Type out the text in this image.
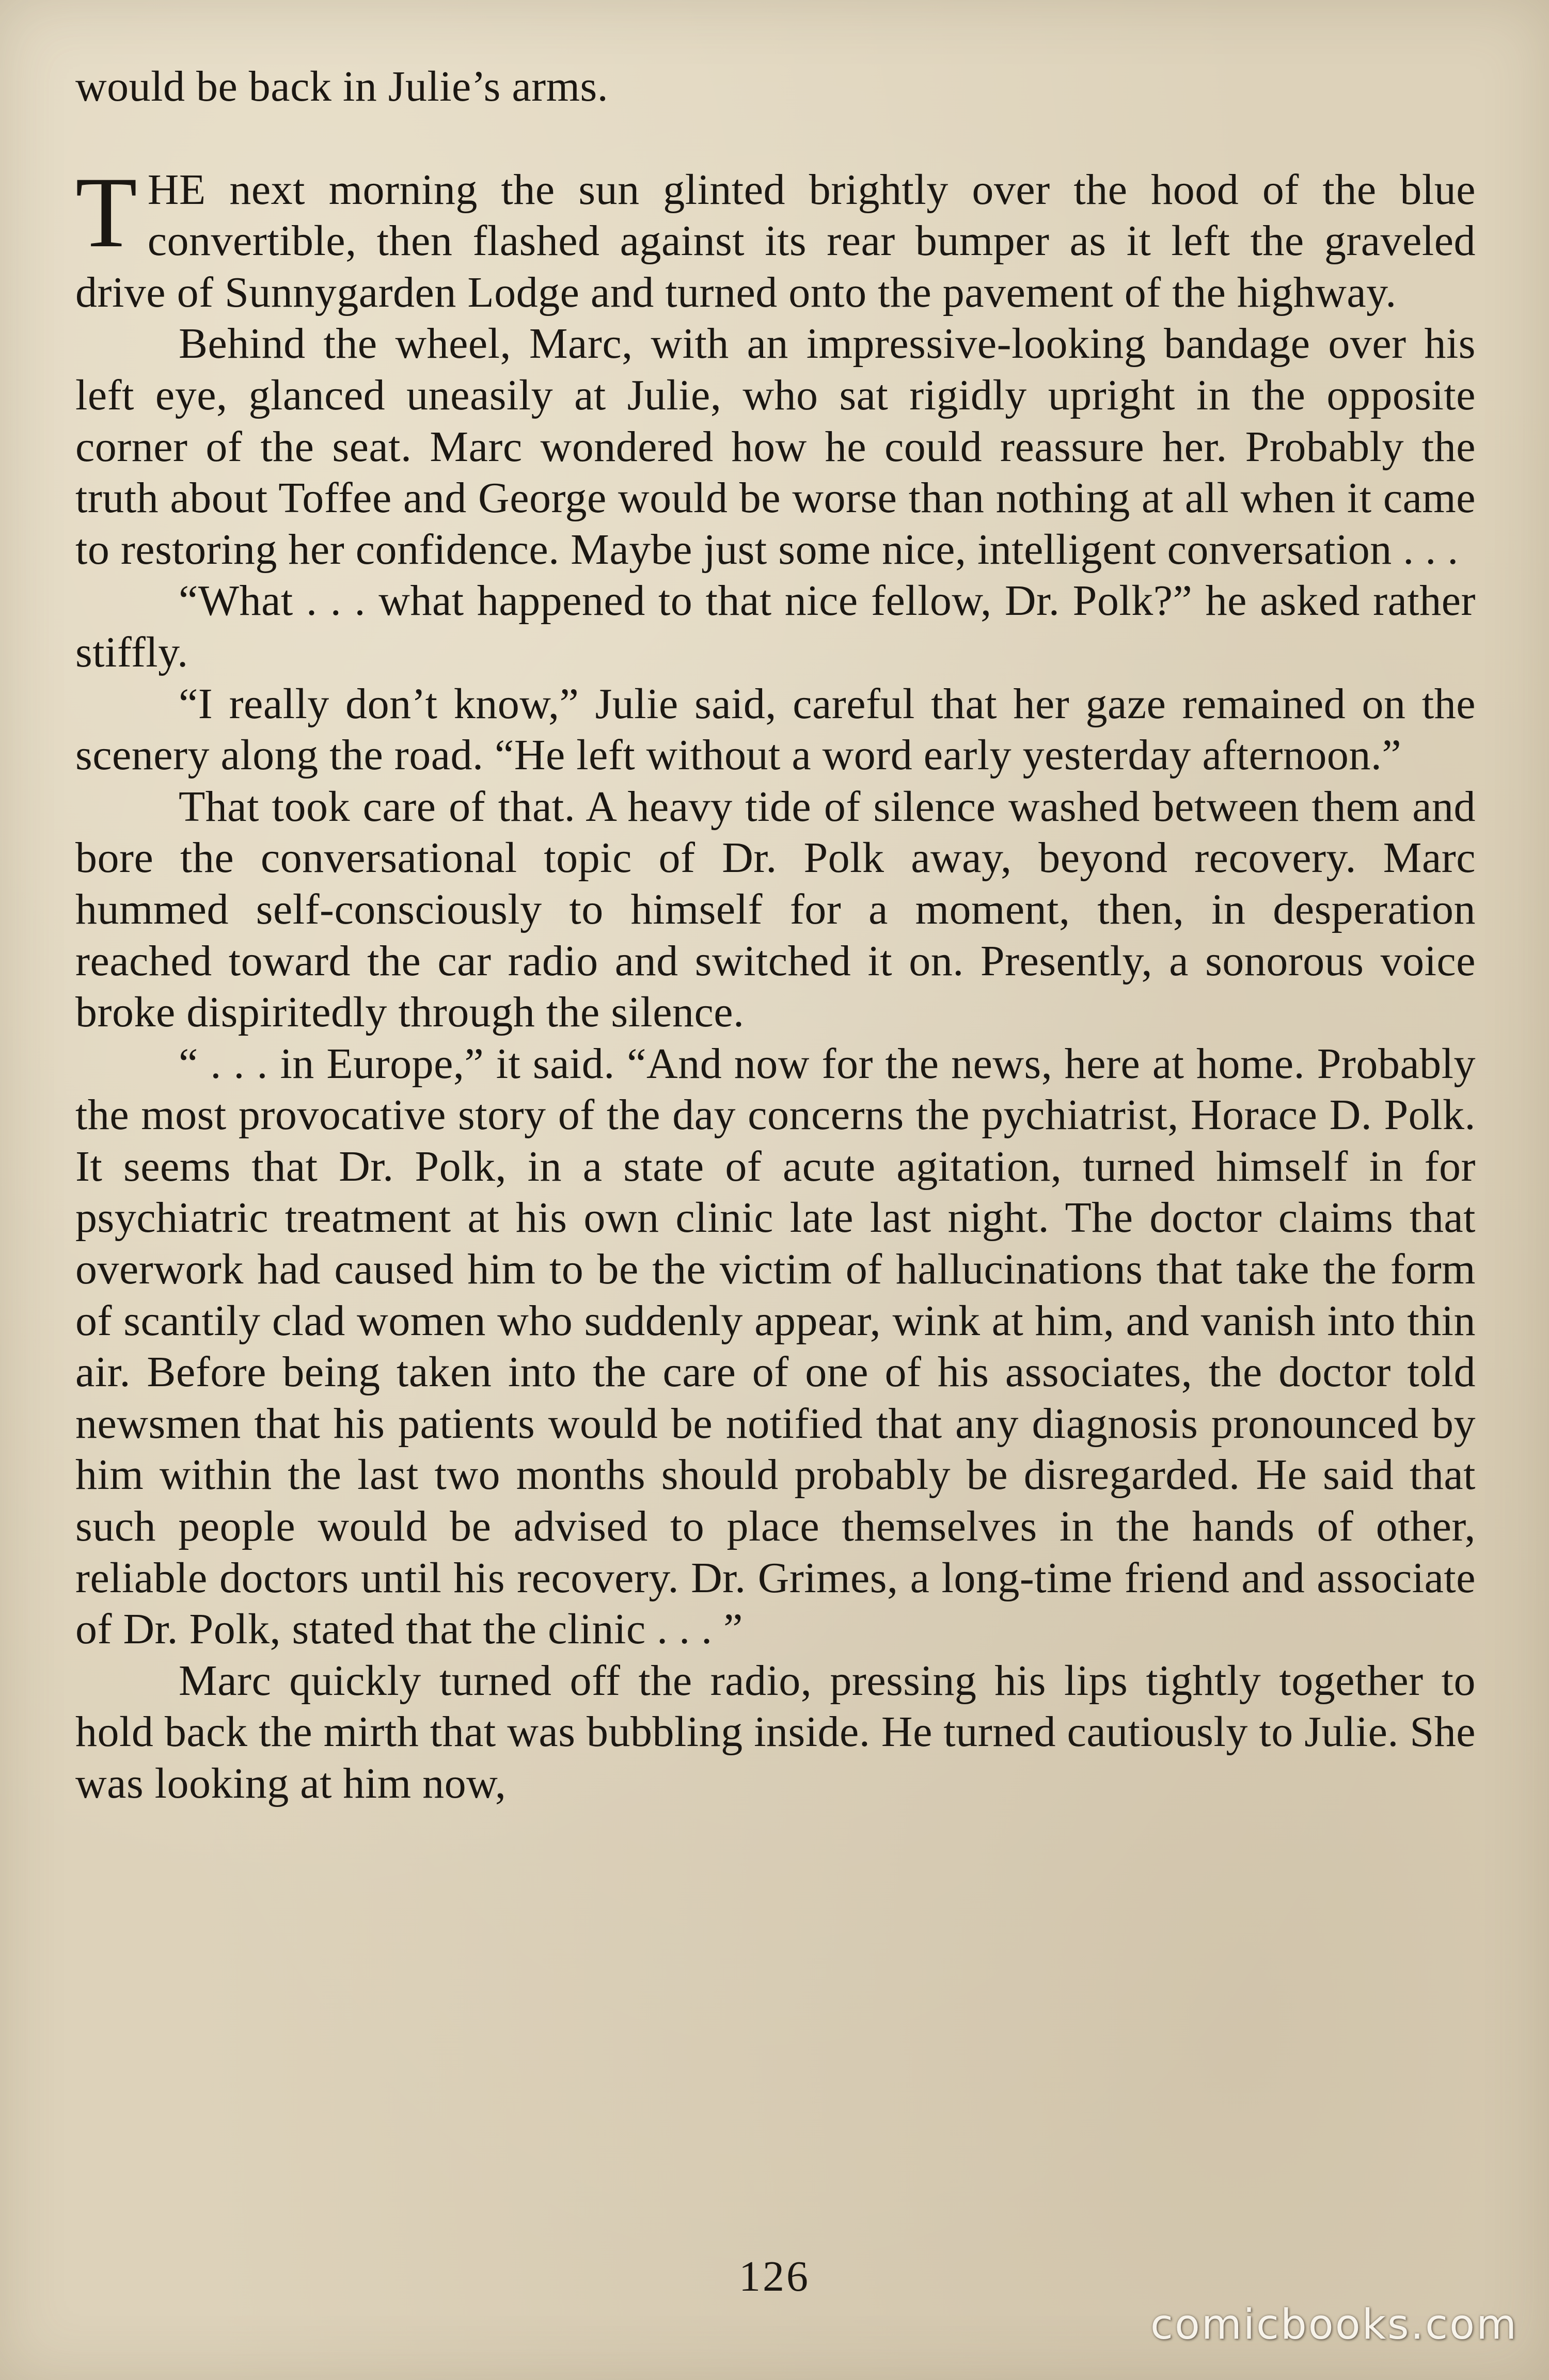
would be back in Julie’s arms.

THE next morning the sun glinted brightly over the hood of the blue convertible, then flashed against its rear bumper as it left the graveled drive of Sunnygarden Lodge and turned onto the pavement of the highway.

Behind the wheel, Marc, with an impressive-looking bandage over his left eye, glanced uneasily at Julie, who sat rigidly upright in the opposite corner of the seat. Marc wondered how he could reassure her. Probably the truth about Toffee and George would be worse than nothing at all when it came to restoring her confidence. Maybe just some nice, intelligent conversation . . .

“What . . . what happened to that nice fellow, Dr. Polk?” he asked rather stiffly.

“I really don’t know,” Julie said, careful that her gaze remained on the scenery along the road. “He left without a word early yesterday afternoon.”

That took care of that. A heavy tide of silence washed between them and bore the conversational topic of Dr. Polk away, beyond recovery. Marc hummed self-consciously to himself for a moment, then, in desperation reached toward the car radio and switched it on. Presently, a sonorous voice broke dispiritedly through the silence.

“ . . . in Europe,” it said. “And now for the news, here at home. Probably the most provocative story of the day concerns the pychiatrist, Horace D. Polk. It seems that Dr. Polk, in a state of acute agitation, turned himself in for psychiatric treatment at his own clinic late last night. The doctor claims that overwork had caused him to be the victim of hallucinations that take the form of scantily clad women who suddenly appear, wink at him, and vanish into thin air. Before being taken into the care of one of his associates, the doctor told newsmen that his patients would be notified that any diagnosis pronounced by him within the last two months should probably be disregarded. He said that such people would be advised to place themselves in the hands of other, reliable doctors until his recovery. Dr. Grimes, a long-time friend and associate of Dr. Polk, stated that the clinic . . . ”

Marc quickly turned off the radio, pressing his lips tightly together to hold back the mirth that was bubbling inside. He turned cautiously to Julie. She was looking at him now,

126
comicbooks.com
